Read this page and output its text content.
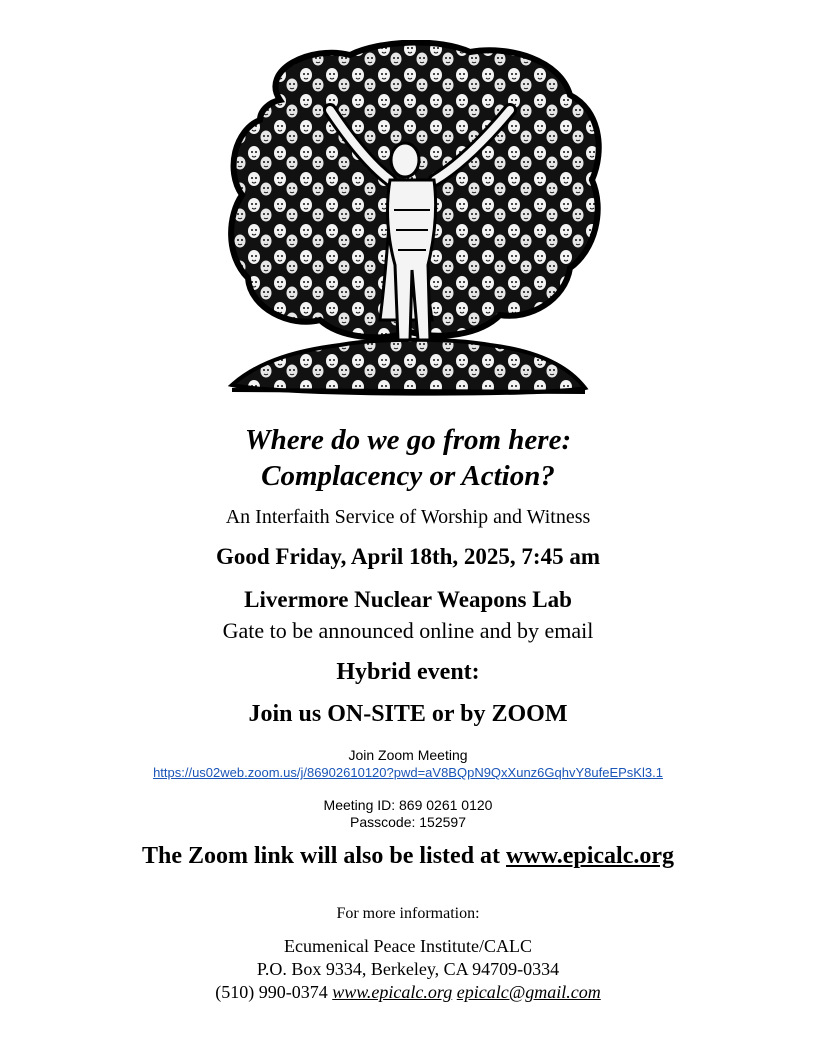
Where do we go from here:
Complacency or Action?
An Interfaith Service of Worship and Witness
Good Friday, April 18th, 2025, 7:45 am
Livermore Nuclear Weapons Lab
Gate to be announced online and by email
Hybrid event:
Join us ON-SITE or by ZOOM
Join Zoom Meeting
https://us02web.zoom.us/j/86902610120?pwd=aV8BQpN9QxXunz6GqhvY8ufeEPsKl3.1
Meeting ID: 869 0261 0120
Passcode: 152597
The Zoom link will also be listed at www.epicalc.org
For more information:
Ecumenical Peace Institute/CALC
P.O. Box 9334, Berkeley, CA 94709-0334
(510) 990-0374 www.epicalc.org epicalc@gmail.com
